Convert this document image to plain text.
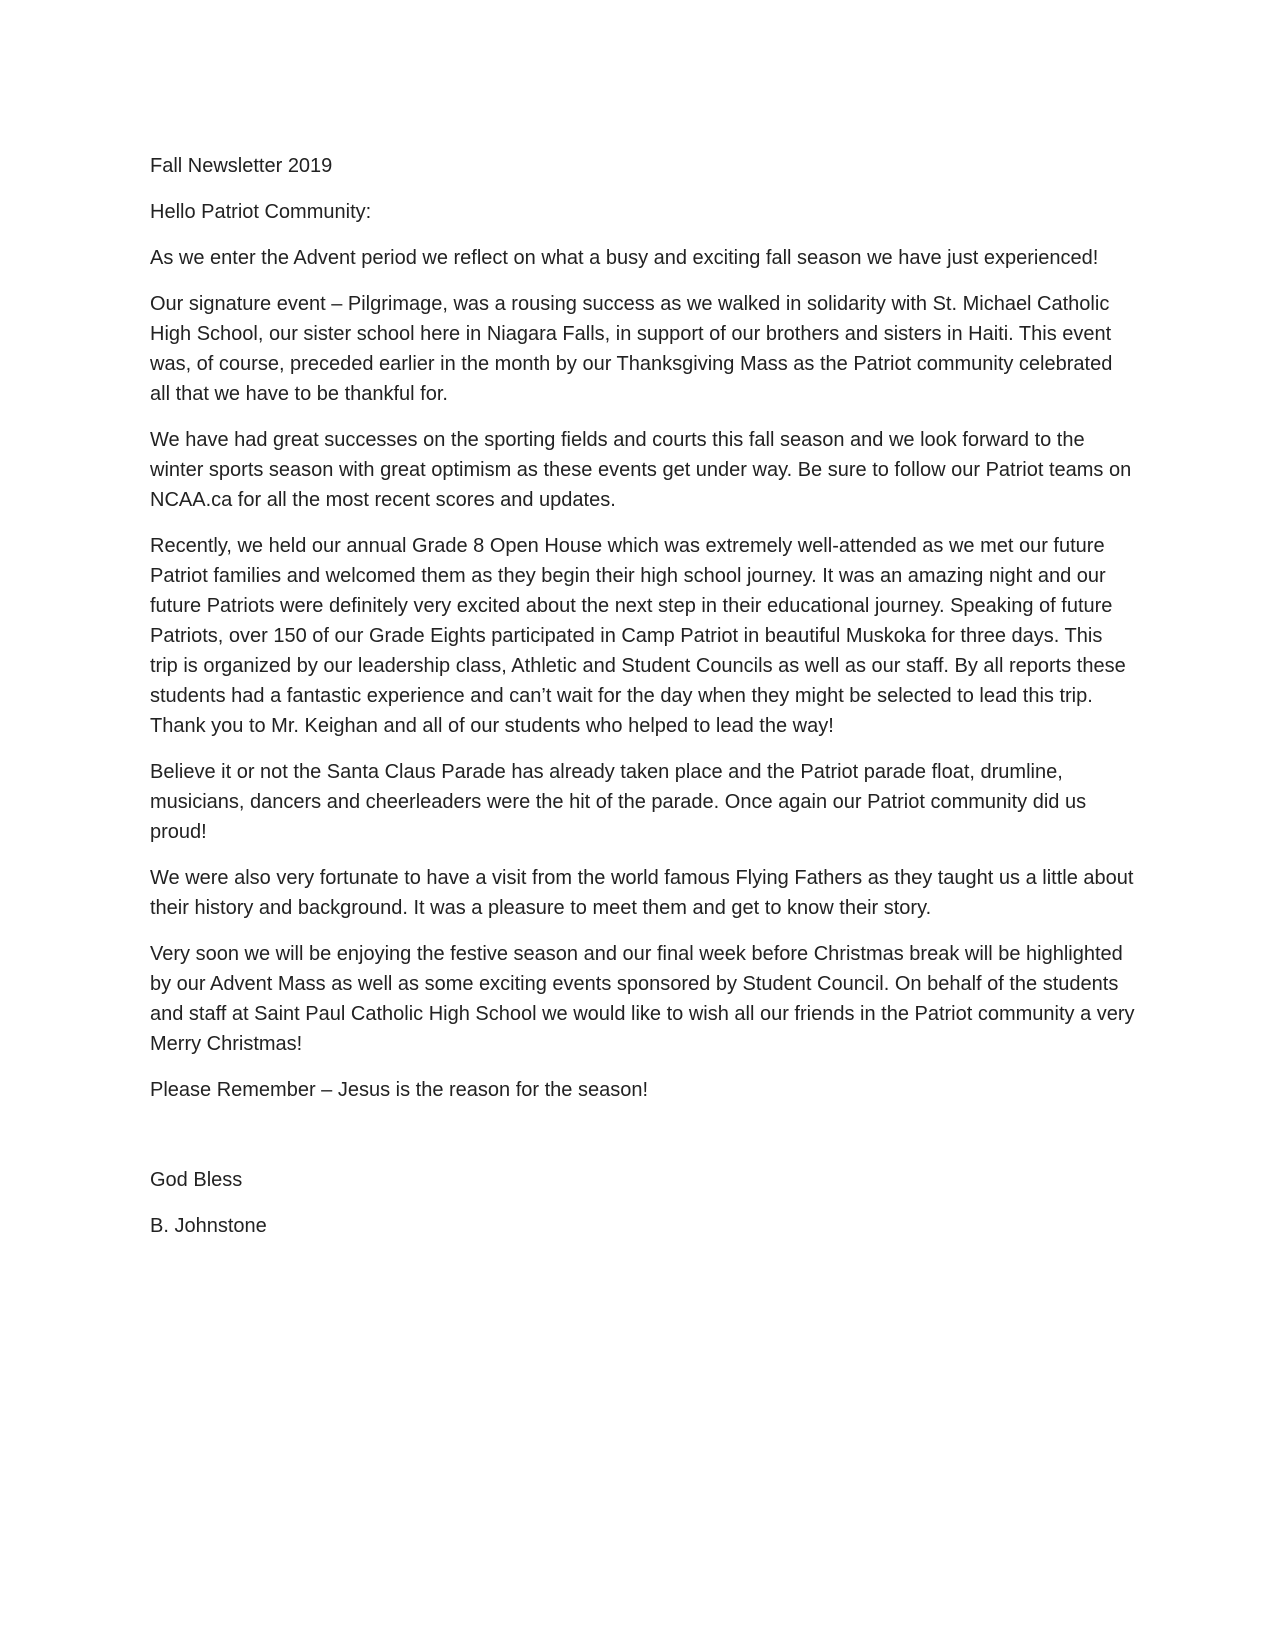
Fall Newsletter 2019

Hello Patriot Community:

As we enter the Advent period we reflect on what a busy and exciting fall season we have just experienced!

Our signature event – Pilgrimage, was a rousing success as we walked in solidarity with St. Michael Catholic High School, our sister school here in Niagara Falls, in support of our brothers and sisters in Haiti. This event was, of course, preceded earlier in the month by our Thanksgiving Mass as the Patriot community celebrated all that we have to be thankful for.

We have had great successes on the sporting fields and courts this fall season and we look forward to the winter sports season with great optimism as these events get under way. Be sure to follow our Patriot teams on NCAA.ca for all the most recent scores and updates.

Recently, we held our annual Grade 8 Open House which was extremely well-attended as we met our future Patriot families and welcomed them as they begin their high school journey. It was an amazing night and our future Patriots were definitely very excited about the next step in their educational journey. Speaking of future Patriots, over 150 of our Grade Eights participated in Camp Patriot in beautiful Muskoka for three days. This trip is organized by our leadership class, Athletic and Student Councils as well as our staff. By all reports these students had a fantastic experience and can’t wait for the day when they might be selected to lead this trip. Thank you to Mr. Keighan and all of our students who helped to lead the way!

Believe it or not the Santa Claus Parade has already taken place and the Patriot parade float, drumline, musicians, dancers and cheerleaders were the hit of the parade. Once again our Patriot community did us proud!

We were also very fortunate to have a visit from the world famous Flying Fathers as they taught us a little about their history and background. It was a pleasure to meet them and get to know their story.

Very soon we will be enjoying the festive season and our final week before Christmas break will be highlighted by our Advent Mass as well as some exciting events sponsored by Student Council. On behalf of the students and staff at Saint Paul Catholic High School we would like to wish all our friends in the Patriot community a very Merry Christmas!

Please Remember – Jesus is the reason for the season!

God Bless

B. Johnstone
